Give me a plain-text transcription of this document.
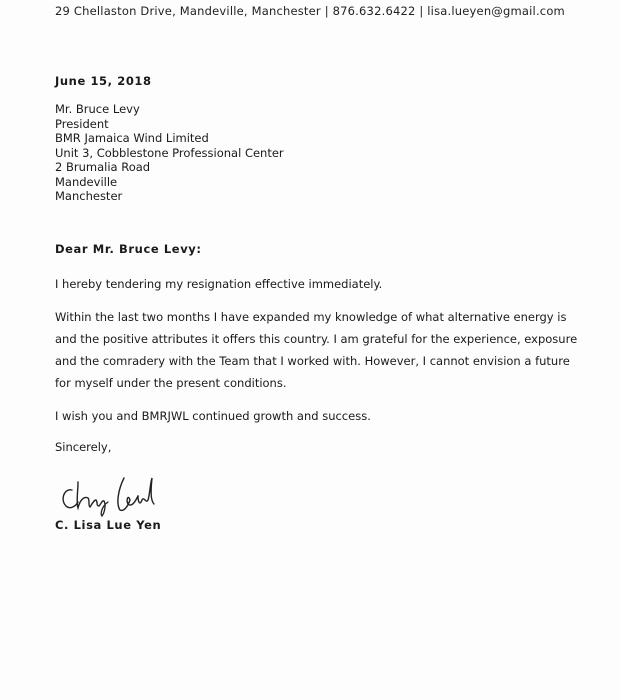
29 Chellaston Drive, Mandeville, Manchester | 876.632.6422 | lisa.lueyen@gmail.com
June 15, 2018
Mr. Bruce Levy
President
BMR Jamaica Wind Limited
Unit 3, Cobblestone Professional Center
2 Brumalia Road
Mandeville
Manchester
Dear Mr. Bruce Levy:
I hereby tendering my resignation effective immediately.
Within the last two months I have expanded my knowledge of what alternative energy is and the positive attributes it offers this country. I am grateful for the experience, exposure and the comradery with the Team that I worked with. However, I cannot envision a future for myself under the present conditions.
I wish you and BMRJWL continued growth and success.
Sincerely,
C. Lisa Lue Yen
